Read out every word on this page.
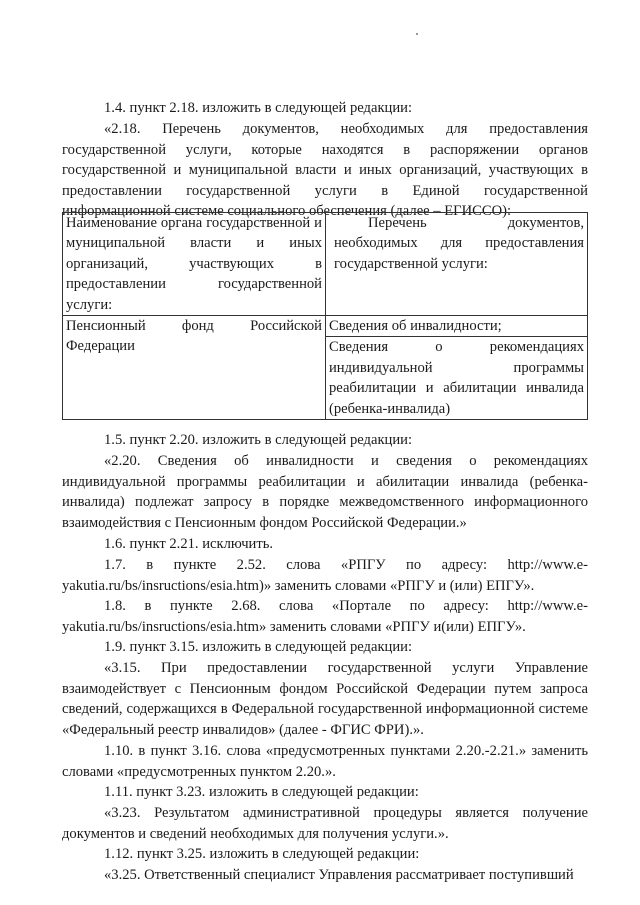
1.4. пункт 2.18. изложить в следующей редакции:
«2.18. Перечень документов, необходимых для предоставления государственной услуги, которые находятся в распоряжении органов государственной и муниципальной власти и иных организаций, участвующих в предоставлении государственной услуги в Единой государственной информационной системе социального обеспечения (далее – ЕГИССО):
Наименование органа государственной и муниципальной власти и иных организаций, участвующих в предоставлении государственной услуги:	Перечень документов, необходимых для предоставления государственной услуги:

Пенсионный фонд Российской Федерации	Сведения об инвалидности;
Сведения о рекомендациях индивидуальной программы реабилитации и абилитации инвалида (ребенка-инвалида)
1.5. пункт 2.20. изложить в следующей редакции:
«2.20. Сведения об инвалидности и сведения о рекомендациях индивидуальной программы реабилитации и абилитации инвалида (ребенка-инвалида) подлежат запросу в порядке межведомственного информационного взаимодействия с Пенсионным фондом Российской Федерации.»
1.6. пункт 2.21. исключить.
1.7. в пункте 2.52. слова «РПГУ по адресу: http://www.e-yakutia.ru/bs/insructions/esia.htm)» заменить словами «РПГУ и (или) ЕПГУ».
1.8. в пункте 2.68. слова «Портале по адресу: http://www.e-yakutia.ru/bs/insructions/esia.htm» заменить словами «РПГУ и(или) ЕПГУ».
1.9. пункт 3.15. изложить в следующей редакции:
«3.15. При предоставлении государственной услуги Управление взаимодействует с Пенсионным фондом Российской Федерации путем запроса сведений, содержащихся в Федеральной государственной информационной системе «Федеральный реестр инвалидов» (далее - ФГИС ФРИ).».
1.10. в пункт 3.16. слова «предусмотренных пунктами 2.20.-2.21.» заменить словами «предусмотренных пунктом 2.20.».
1.11. пункт 3.23. изложить в следующей редакции:
«3.23. Результатом административной процедуры является получение документов и сведений необходимых для получения услуги.».
1.12. пункт 3.25. изложить в следующей редакции:
«3.25. Ответственный специалист Управления рассматривает поступивший
